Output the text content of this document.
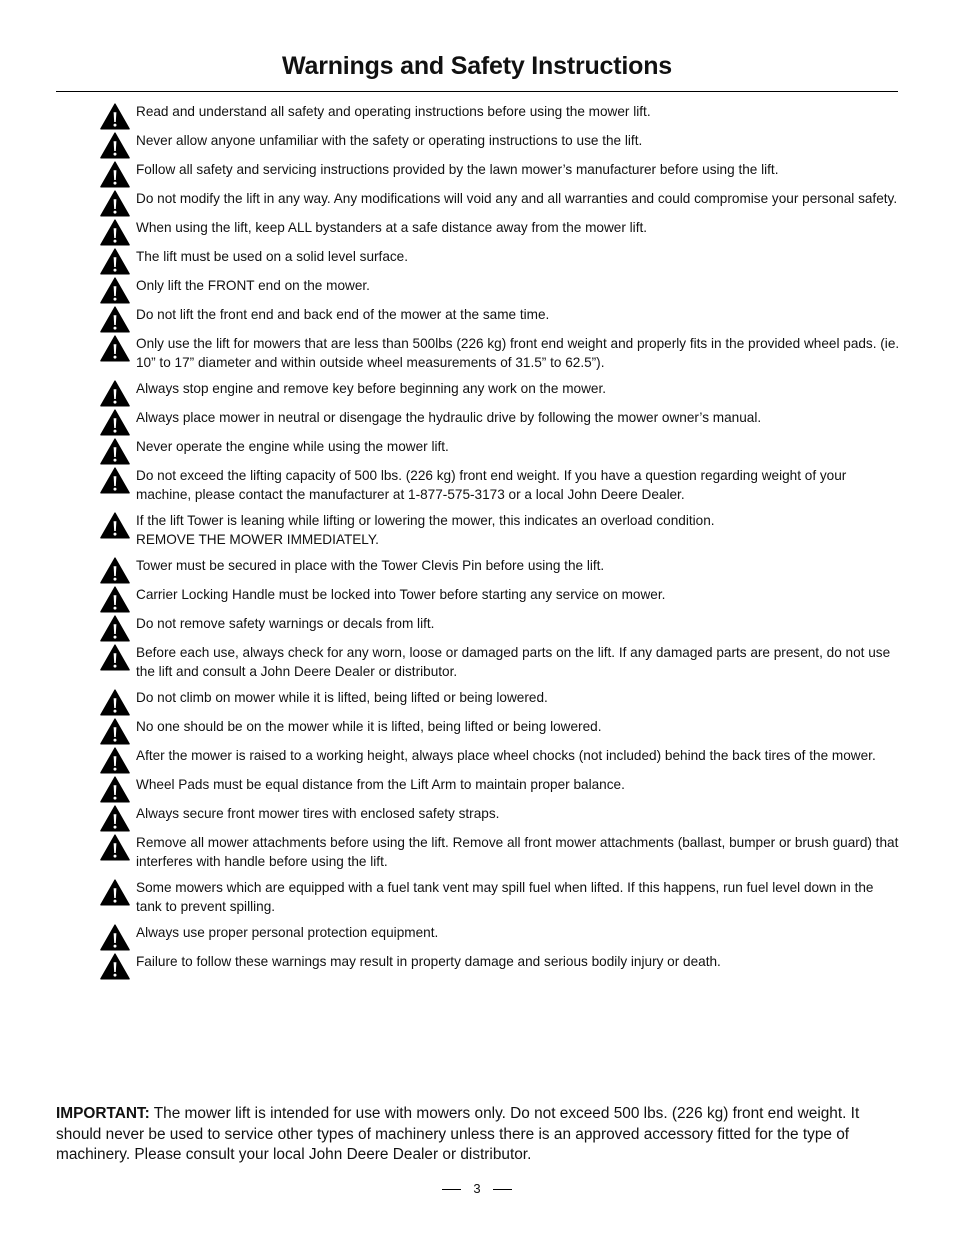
Warnings and Safety Instructions
Read and understand all safety and operating instructions before using the mower lift.
Never allow anyone unfamiliar with the safety or operating instructions to use the lift.
Follow all safety and servicing instructions provided by the lawn mower’s manufacturer before using the lift.
Do not modify the lift in any way. Any modifications will void any and all warranties and could compromise your personal safety.
When using the lift, keep ALL bystanders at a safe distance away from the mower lift.
The lift must be used on a solid level surface.
Only lift the FRONT end on the mower.
Do not lift the front end and back end of the mower at the same time.
Only use the lift for mowers that are less than 500lbs (226 kg) front end weight and properly fits in the provided wheel pads. (ie. 10” to 17” diameter and within outside wheel measurements of 31.5” to 62.5”).
Always stop engine and remove key before beginning any work on the mower.
Always place mower in neutral or disengage the hydraulic drive by following the mower owner’s manual.
Never operate the engine while using the mower lift.
Do not exceed the lifting capacity of 500 lbs. (226 kg) front end weight. If you have a question regarding weight of your machine, please contact the manufacturer at 1-877-575-3173 or a local John Deere Dealer.
If the lift Tower is leaning while lifting or lowering the mower, this indicates an overload condition.
REMOVE THE MOWER IMMEDIATELY.
Tower must be secured in place with the Tower Clevis Pin before using the lift.
Carrier Locking Handle must be locked into Tower before starting any service on mower.
Do not remove safety warnings or decals from lift.
Before each use, always check for any worn, loose or damaged parts on the lift. If any damaged parts are present, do not use the lift and consult a John Deere Dealer or distributor.
Do not climb on mower while it is lifted, being lifted or being lowered.
No one should be on the mower while it is lifted, being lifted or being lowered.
After the mower is raised to a working height, always place wheel chocks (not included) behind the back tires of the mower.
Wheel Pads must be equal distance from the Lift Arm to maintain proper balance.
Always secure front mower tires with enclosed safety straps.
Remove all mower attachments before using the lift. Remove all front mower attachments (ballast, bumper or brush guard) that interferes with handle before using the lift.
Some mowers which are equipped with a fuel tank vent may spill fuel when lifted. If this happens, run fuel level down in the tank to prevent spilling.
Always use proper personal protection equipment.
Failure to follow these warnings may result in property damage and serious bodily injury or death.

IMPORTANT: The mower lift is intended for use with mowers only. Do not exceed 500 lbs. (226 kg) front end weight. It should never be used to service other types of machinery unless there is an approved accessory fitted for the type of machinery. Please consult your local John Deere Dealer or distributor.

3
